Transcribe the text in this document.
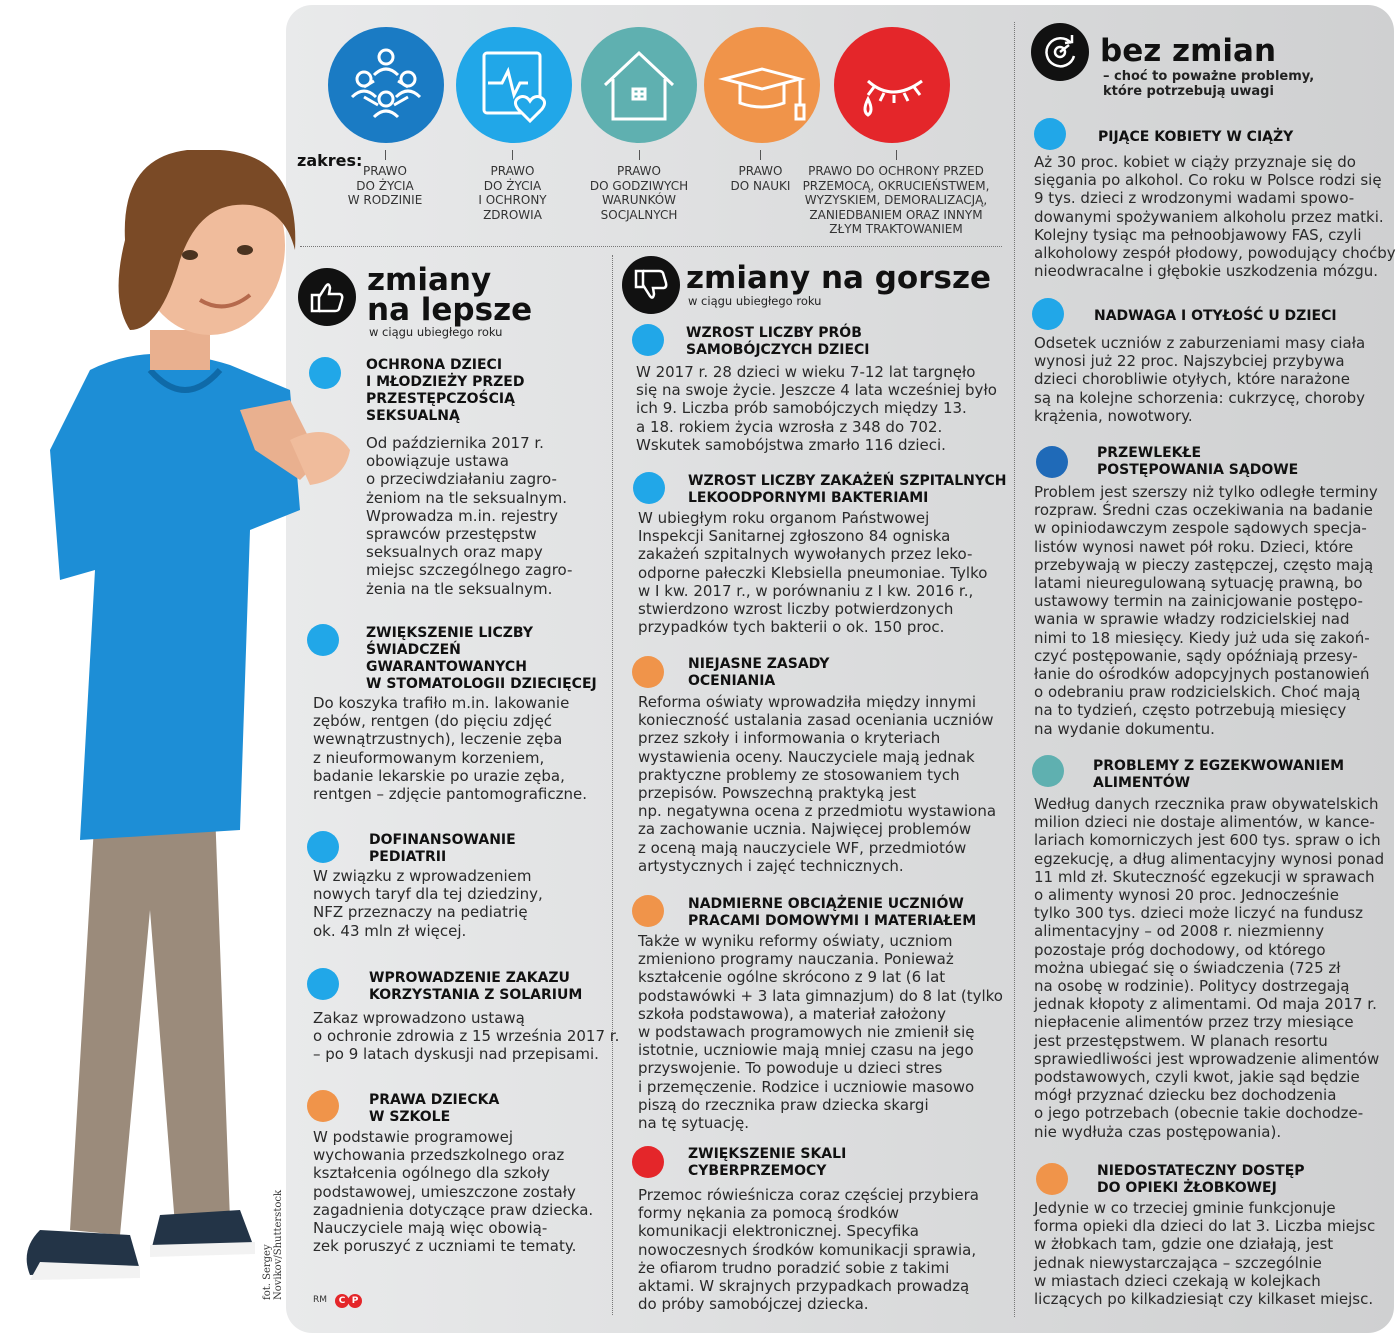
fot. Sergey Novikov/Shutterstock
zakres:
PRAWO
DO ŻYCIA
W RODZINIE
PRAWO
DO ŻYCIA
I OCHRONY
ZDROWIA
PRAWO
DO GODZIWYCH
WARUNKÓW
SOCJALNYCH
PRAWO
DO NAUKI
PRAWO DO OCHRONY PRZED
PRZEMOCĄ, OKRUCIEŃSTWEM,
WYZYSKIEM, DEMORALIZACJĄ,
ZANIEDBANIEM ORAZ INNYM
ZŁYM TRAKTOWANIEM
zmiany
na lepsze
w ciągu ubiegłego roku
zmiany na gorsze
w ciągu ubiegłego roku
bez zmian
– choć to poważne problemy,
które potrzebują uwagi
OCHRONA DZIECI
I MŁODZIEŻY PRZED
PRZESTĘPCZOŚCIĄ
SEKSUALNĄ
Od października 2017 r.
obowiązuje ustawa
o przeciwdziałaniu zagro-
żeniom na tle seksualnym.
Wprowadza m.in. rejestry
sprawców przestępstw
seksualnych oraz mapy
miejsc szczególnego zagro-
żenia na tle seksualnym.
ZWIĘKSZENIE LICZBY
ŚWIADCZEŃ
GWARANTOWANYCH
W STOMATOLOGII DZIECIĘCEJ
Do koszyka trafiło m.in. lakowanie
zębów, rentgen (do pięciu zdjęć
wewnątrzustnych), leczenie zęba
z nieuformowanym korzeniem,
badanie lekarskie po urazie zęba,
rentgen – zdjęcie pantomograficzne.
DOFINANSOWANIE
PEDIATRII
W związku z wprowadzeniem
nowych taryf dla tej dziedziny,
NFZ przeznaczy na pediatrię
ok. 43 mln zł więcej.
WPROWADZENIE ZAKAZU
KORZYSTANIA Z SOLARIUM
Zakaz wprowadzono ustawą
o ochronie zdrowia z 15 września 2017 r.
– po 9 latach dyskusji nad przepisami.
PRAWA DZIECKA
W SZKOLE
W podstawie programowej
wychowania przedszkolnego oraz
kształcenia ogólnego dla szkoły
podstawowej, umieszczone zostały
zagadnienia dotyczące praw dziecka.
Nauczyciele mają więc obowią-
zek poruszyć z uczniami te tematy.
WZROST LICZBY PRÓB
SAMOBÓJCZYCH DZIECI
W 2017 r. 28 dzieci w wieku 7-12 lat targnęło
się na swoje życie. Jeszcze 4 lata wcześniej było
ich 9. Liczba prób samobójczych między 13.
a 18. rokiem życia wzrosła z 348 do 702.
Wskutek samobójstwa zmarło 116 dzieci.
WZROST LICZBY ZAKAŻEŃ SZPITALNYCH
LEKOODPORNYMI BAKTERIAMI
W ubiegłym roku organom Państwowej
Inspekcji Sanitarnej zgłoszono 84 ogniska
zakażeń szpitalnych wywołanych przez leko-
odporne pałeczki Klebsiella pneumoniae. Tylko
w I kw. 2017 r., w porównaniu z I kw. 2016 r.,
stwierdzono wzrost liczby potwierdzonych
przypadków tych bakterii o ok. 150 proc.
NIEJASNE ZASADY
OCENIANIA
Reforma oświaty wprowadziła między innymi
konieczność ustalania zasad oceniania uczniów
przez szkoły i informowania o kryteriach
wystawienia oceny. Nauczyciele mają jednak
praktyczne problemy ze stosowaniem tych
przepisów. Powszechną praktyką jest
np. negatywna ocena z przedmiotu wystawiona
za zachowanie ucznia. Najwięcej problemów
z oceną mają nauczyciele WF, przedmiotów
artystycznych i zajęć technicznych.
NADMIERNE OBCIĄŻENIE UCZNIÓW
PRACAMI DOMOWYMI I MATERIAŁEM
Także w wyniku reformy oświaty, uczniom
zmieniono programy nauczania. Ponieważ
kształcenie ogólne skrócono z 9 lat (6 lat
podstawówki + 3 lata gimnazjum) do 8 lat (tylko
szkoła podstawowa), a materiał założony
w podstawach programowych nie zmienił się
istotnie, uczniowie mają mniej czasu na jego
przyswojenie. To powoduje u dzieci stres
i przemęczenie. Rodzice i uczniowie masowo
piszą do rzecznika praw dziecka skargi
na tę sytuację.
ZWIĘKSZENIE SKALI
CYBERPRZEMOCY
Przemoc rówieśnicza coraz częściej przybiera
formy nękania za pomocą środków
komunikacji elektronicznej. Specyfika
nowoczesnych środków komunikacji sprawia,
że ofiarom trudno poradzić sobie z takimi
aktami. W skrajnych przypadkach prowadzą
do próby samobójczej dziecka.
PIJĄCE KOBIETY W CIĄŻY
Aż 30 proc. kobiet w ciąży przyznaje się do
sięgania po alkohol. Co roku w Polsce rodzi się
9 tys. dzieci z wrodzonymi wadami spowo-
dowanymi spożywaniem alkoholu przez matki.
Kolejny tysiąc ma pełnoobjawowy FAS, czyli
alkoholowy zespół płodowy, powodujący choćby
nieodwracalne i głębokie uszkodzenia mózgu.
NADWAGA I OTYŁOŚĆ U DZIECI
Odsetek uczniów z zaburzeniami masy ciała
wynosi już 22 proc. Najszybciej przybywa
dzieci chorobliwie otyłych, które narażone
są na kolejne schorzenia: cukrzycę, choroby
krążenia, nowotwory.
PRZEWLEKŁE
POSTĘPOWANIA SĄDOWE
Problem jest szerszy niż tylko odległe terminy
rozpraw. Średni czas oczekiwania na badanie
w opiniodawczym zespole sądowych specja-
listów wynosi nawet pół roku. Dzieci, które
przebywają w pieczy zastępczej, często mają
latami nieuregulowaną sytuację prawną, bo
ustawowy termin na zainicjowanie postępo-
wania w sprawie władzy rodzicielskiej nad
nimi to 18 miesięcy. Kiedy już uda się zakoń-
czyć postępowanie, sądy opóźniają przesy-
łanie do ośrodków adopcyjnych postanowień
o odebraniu praw rodzicielskich. Choć mają
na to tydzień, często potrzebują miesięcy
na wydanie dokumentu.
PROBLEMY Z EGZEKWOWANIEM
ALIMENTÓW
Według danych rzecznika praw obywatelskich
milion dzieci nie dostaje alimentów, w kance-
lariach komorniczych jest 600 tys. spraw o ich
egzekucję, a dług alimentacyjny wynosi ponad
11 mld zł. Skuteczność egzekucji w sprawach
o alimenty wynosi 20 proc. Jednocześnie
tylko 300 tys. dzieci może liczyć na fundusz
alimentacyjny – od 2008 r. niezmienny
pozostaje próg dochodowy, od którego
można ubiegać się o świadczenia (725 zł
na osobę w rodzinie). Politycy dostrzegają
jednak kłopoty z alimentami. Od maja 2017 r.
niepłacenie alimentów przez trzy miesiące
jest przestępstwem. W planach resortu
sprawiedliwości jest wprowadzenie alimentów
podstawowych, czyli kwot, jakie sąd będzie
mógł przyznać dziecku bez dochodzenia
o jego potrzebach (obecnie takie dochodze-
nie wydłuża czas postępowania).
NIEDOSTATECZNY DOSTĘP
DO OPIEKI ŻŁOBKOWEJ
Jedynie w co trzeciej gminie funkcjonuje
forma opieki dla dzieci do lat 3. Liczba miejsc
w żłobkach tam, gdzie one działają, jest
jednak niewystarczająca – szczególnie
w miastach dzieci czekają w kolejkach
liczących po kilkadziesiąt czy kilkaset miejsc.
RM	C P
